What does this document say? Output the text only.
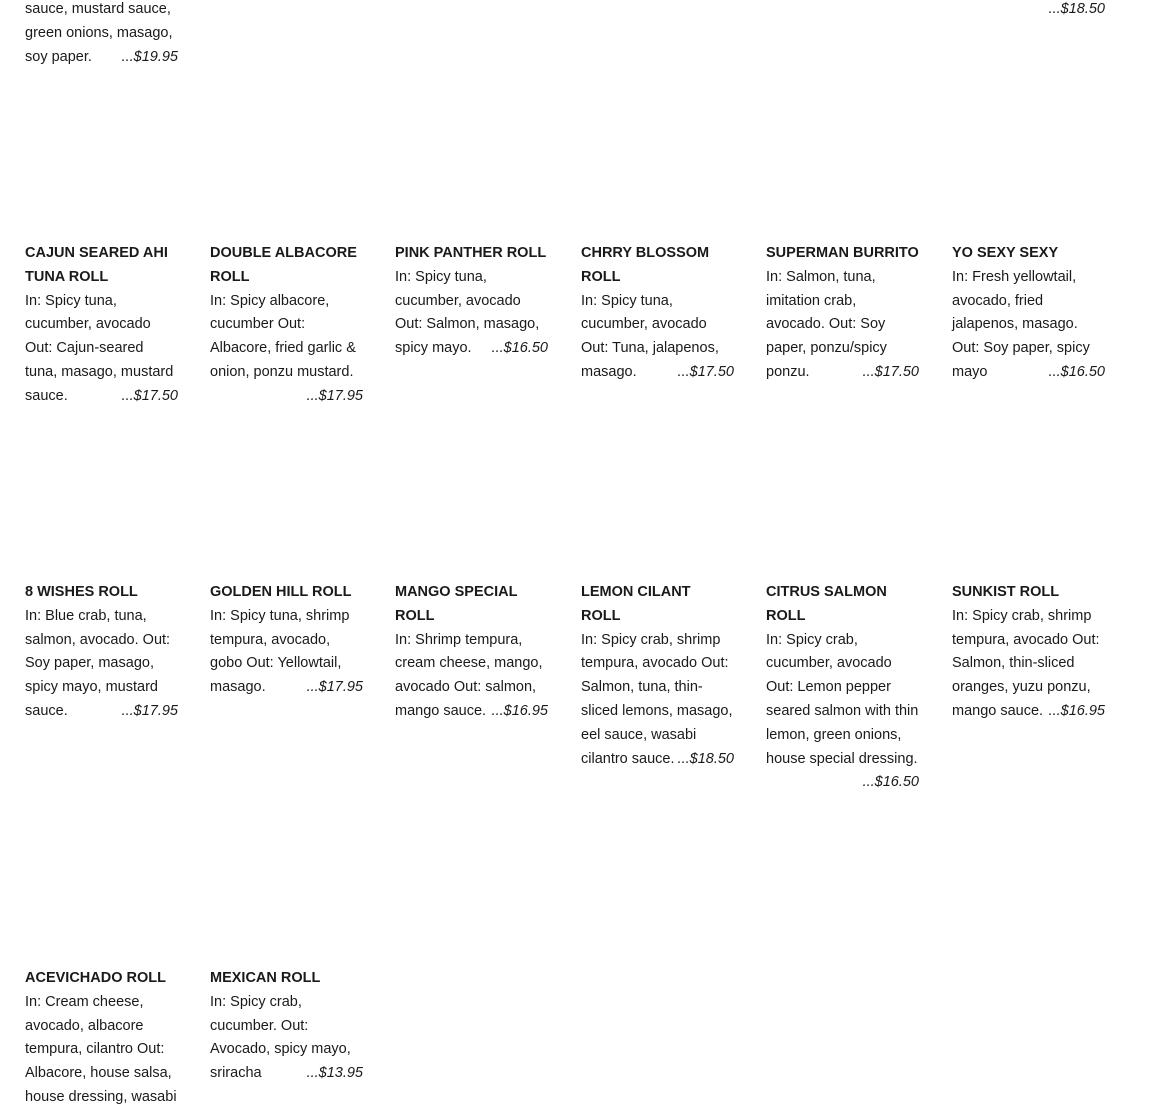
sauce, mustard sauce, green onions, masago, soy paper. ...$19.95

...$18.50

CAJUN SEARED AHI TUNA ROLL

In: Spicy tuna, cucumber, avocado Out: Cajun-seared tuna, masago, mustard sauce.	...$17.50

DOUBLE ALBACORE ROLL

In: Spicy albacore, cucumber Out: Albacore, fried garlic & onion, ponzu mustard.
...$17.95

PINK PANTHER ROLL

In: Spicy tuna, cucumber, avocado Out: Salmon, masago, spicy mayo. ...$16.50

CHRRY BLOSSOM ROLL

In: Spicy tuna, cucumber, avocado Out: Tuna, jalapenos, masago.	...$17.50

SUPERMAN BURRITO

In: Salmon, tuna, imitation crab, avocado. Out: Soy paper, ponzu/spicy ponzu.	...$17.50

YO SEXY SEXY

In: Fresh yellowtail, avocado, fried jalapenos, masago. Out: Soy paper, spicy mayo	...$16.50

8 WISHES ROLL

In: Blue crab, tuna, salmon, avocado. Out: Soy paper, masago, spicy mayo, mustard sauce.	...$17.95

GOLDEN HILL ROLL

In: Spicy tuna, shrimp tempura, avocado, gobo Out: Yellowtail, masago.	...$17.95

MANGO SPECIAL ROLL

In: Shrimp tempura, cream cheese, mango, avocado Out: salmon, mango sauce. ...$16.95

LEMON CILANT ROLL

In: Spicy crab, shrimp tempura, avocado Out: Salmon, tuna, thin-sliced lemons, masago, eel sauce, wasabi cilantro sauce. ...$18.50

CITRUS SALMON ROLL

In: Spicy crab, cucumber, avocado Out: Lemon pepper seared salmon with thin lemon, green onions, house special dressing.
...$16.50

SUNKIST ROLL

In: Spicy crab, shrimp tempura, avocado Out: Salmon, thin-sliced oranges, yuzu ponzu, mango sauce. ...$16.95

ACEVICHADO ROLL

In: Cream cheese, avocado, albacore tempura, cilantro Out: Albacore, house salsa, house dressing, wasabi

MEXICAN ROLL

In: Spicy crab, cucumber. Out: Avocado, spicy mayo, sriracha	...$13.95
